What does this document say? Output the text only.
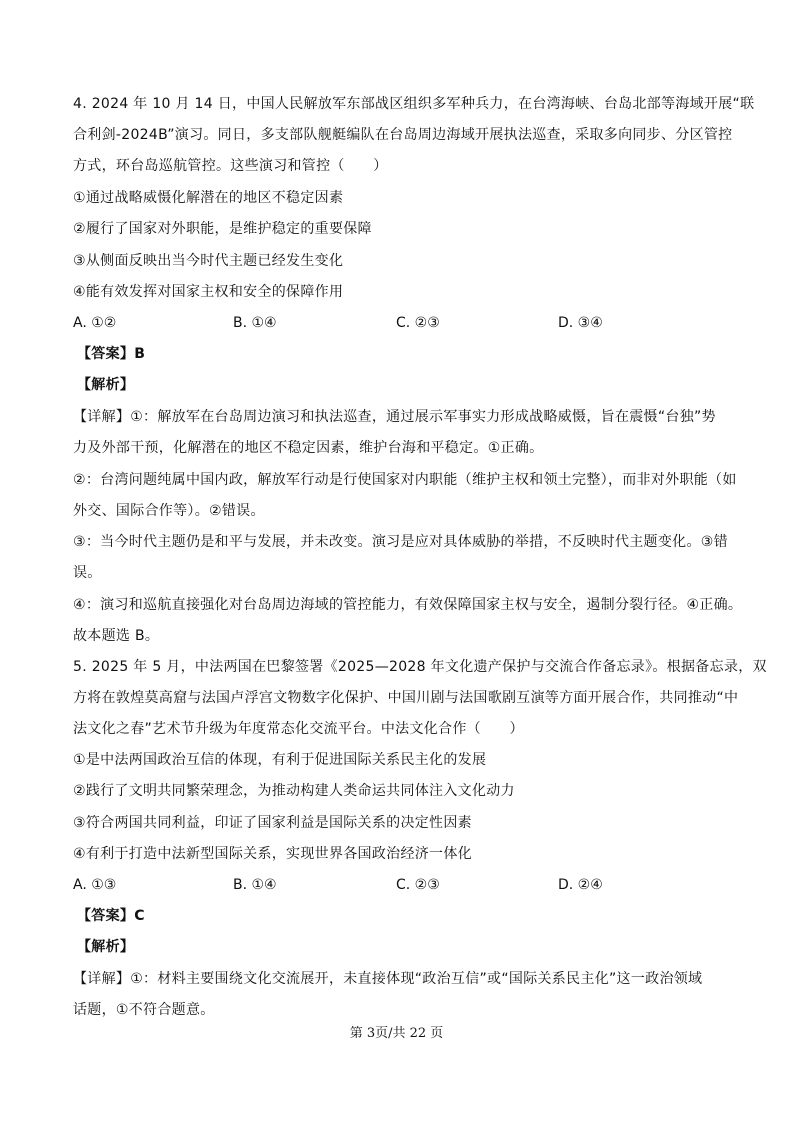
4. 2024 年 10 月 14 日，中国人民解放军东部战区组织多军种兵力，在台湾海峡、台岛北部等海域开展“联
合利剑-2024B”演习。同日，多支部队舰艇编队在台岛周边海域开展执法巡查，采取多向同步、分区管控
方式，环台岛巡航管控。这些演习和管控（　　）
①通过战略威慑化解潜在的地区不稳定因素
②履行了国家对外职能，是维护稳定的重要保障
③从侧面反映出当今时代主题已经发生变化
④能有效发挥对国家主权和安全的保障作用
A. ①②	B. ①④	C. ②③	D. ③④
【答案】B
【解析】
【详解】①：解放军在台岛周边演习和执法巡查，通过展示军事实力形成战略威慑，旨在震慑“台独”势
力及外部干预，化解潜在的地区不稳定因素，维护台海和平稳定。①正确。
②：台湾问题纯属中国内政，解放军行动是行使国家对内职能（维护主权和领土完整），而非对外职能（如
外交、国际合作等）。②错误。
③：当今时代主题仍是和平与发展，并未改变。演习是应对具体威胁的举措，不反映时代主题变化。③错
误。
④：演习和巡航直接强化对台岛周边海域的管控能力，有效保障国家主权与安全，遏制分裂行径。④正确。
故本题选 B。
5. 2025 年 5 月，中法两国在巴黎签署《2025—2028 年文化遗产保护与交流合作备忘录》。根据备忘录，双
方将在敦煌莫高窟与法国卢浮宫文物数字化保护、中国川剧与法国歌剧互演等方面开展合作，共同推动“中
法文化之春”艺术节升级为年度常态化交流平台。中法文化合作（　　）
①是中法两国政治互信的体现，有利于促进国际关系民主化的发展
②践行了文明共同繁荣理念，为推动构建人类命运共同体注入文化动力
③符合两国共同利益，印证了国家利益是国际关系的决定性因素
④有利于打造中法新型国际关系，实现世界各国政治经济一体化
A. ①③	B. ①④	C. ②③	D. ②④
【答案】C
【解析】
【详解】①：材料主要围绕文化交流展开，未直接体现“政治互信”或“国际关系民主化”这一政治领域
话题，①不符合题意。
第 3页/共 22 页
